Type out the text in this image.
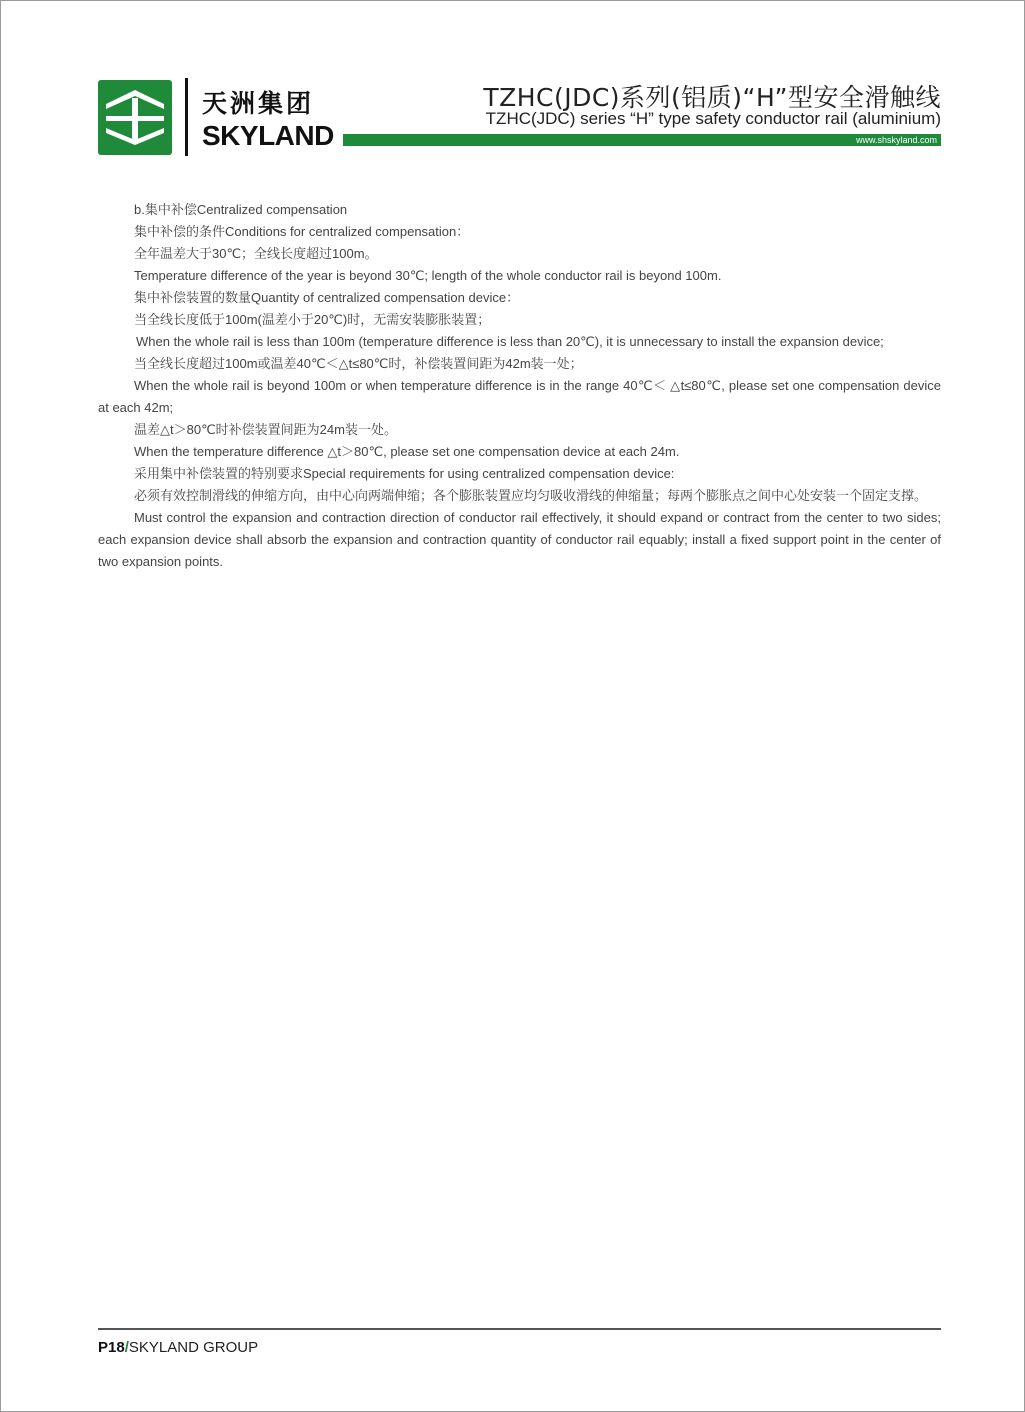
天洲集团
SKYLAND
TZHC(JDC)系列(铝质)“H”型安全滑触线
TZHC(JDC) series “H” type safety conductor rail (aluminium)
www.shskyland.com

b.集中补偿Centralized compensation

集中补偿的条件Conditions for centralized compensation：

全年温差大于30℃；全线长度超过100m。

Temperature difference of the year is beyond 30℃; length of the whole conductor rail is beyond 100m.

集中补偿装置的数量Quantity of centralized compensation device：

当全线长度低于100m(温差小于20℃)时，无需安装膨胀装置；

When the whole rail is less than 100m (temperature difference is less than 20℃), it is unnecessary to install the expansion device;

当全线长度超过100m或温差40℃＜△t≤80℃时，补偿装置间距为42m装一处；

When the whole rail is beyond 100m or when temperature difference is in the range 40℃＜ △t≤80℃, please set one compensation device at each 42m;

温差△t＞80℃时补偿装置间距为24m装一处。

When the temperature difference △t＞80℃, please set one compensation device at each 24m.

采用集中补偿装置的特别要求Special requirements for using centralized compensation device:

必须有效控制滑线的伸缩方向，由中心向两端伸缩；各个膨胀装置应均匀吸收滑线的伸缩量；每两个膨胀点之间中心处安装一个固定支撑。

Must control the expansion and contraction direction of conductor rail effectively, it should expand or contract from the center to two sides; each expansion device shall absorb the expansion and contraction quantity of conductor rail equably; install a fixed support point in the center of two expansion points.

P18/SKYLAND GROUP
